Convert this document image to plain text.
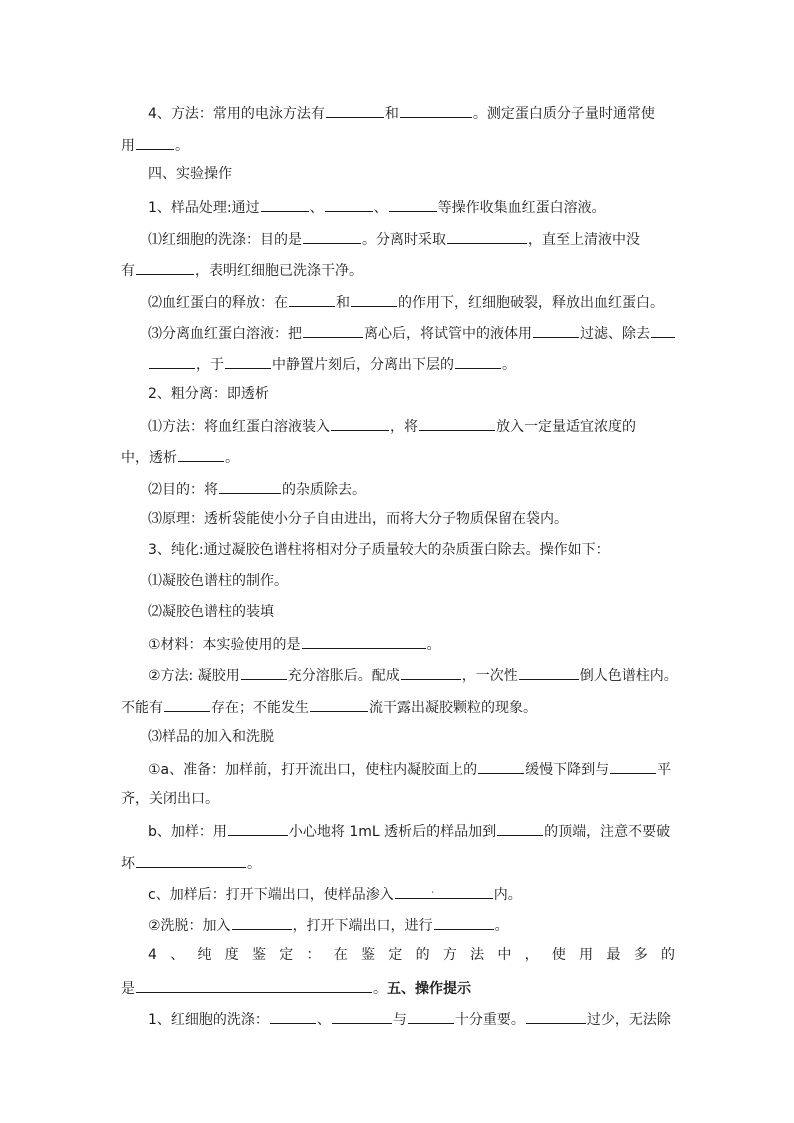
4、方法：常用的电泳方法有	和	。测定蛋白质分子量时通常使
用	。
四、实验操作
1、样品处理:通过	、	、	等操作收集血红蛋白溶液。
⑴红细胞的洗涤：目的是	。分离时采取	，直至上清液中没
有	，表明红细胞已洗涤干净。
⑵血红蛋白的释放：在	和	的作用下，红细胞破裂，释放出血红蛋白。
⑶分离血红蛋白溶液：把	离心后，将试管中的液体用	过滤、除去
，于	中静置片刻后，分离出下层的	。
2、粗分离：即透析
⑴方法：将血红蛋白溶液装入	，将	放入一定量适宜浓度的
中，透析	。
⑵目的：将	的杂质除去。
⑶原理：透析袋能使小分子自由进出，而将大分子物质保留在袋内。
3、纯化:通过凝胶色谱柱将相对分子质量较大的杂质蛋白除去。操作如下：
⑴凝胶色谱柱的制作。
⑵凝胶色谱柱的装填
①材料：本实验使用的是	。
②方法: 凝胶用	充分溶胀后。配成	，一次性	倒人色谱柱内。
不能有	存在；不能发生	流干露出凝胶颗粒的现象。
⑶样品的加入和洗脱
①a、准备：加样前，打开流出口，使柱内凝胶面上的	缓慢下降到与	平
齐，关闭出口。
b、加样：用	小心地将 1mL 透析后的样品加到	的顶端，注意不要破
坏	。
c、加样后：打开下端出口，使样品渗入	.	内。
②洗脱：加入	，打开下端出口，进行	。
4 、 纯 度 鉴 定 ： 在 鉴 定 的 方 法 中 ， 使 用 最 多 的
是	。五、操作提示
1、红细胞的洗涤：	、	与	十分重要。	过少，无法除
